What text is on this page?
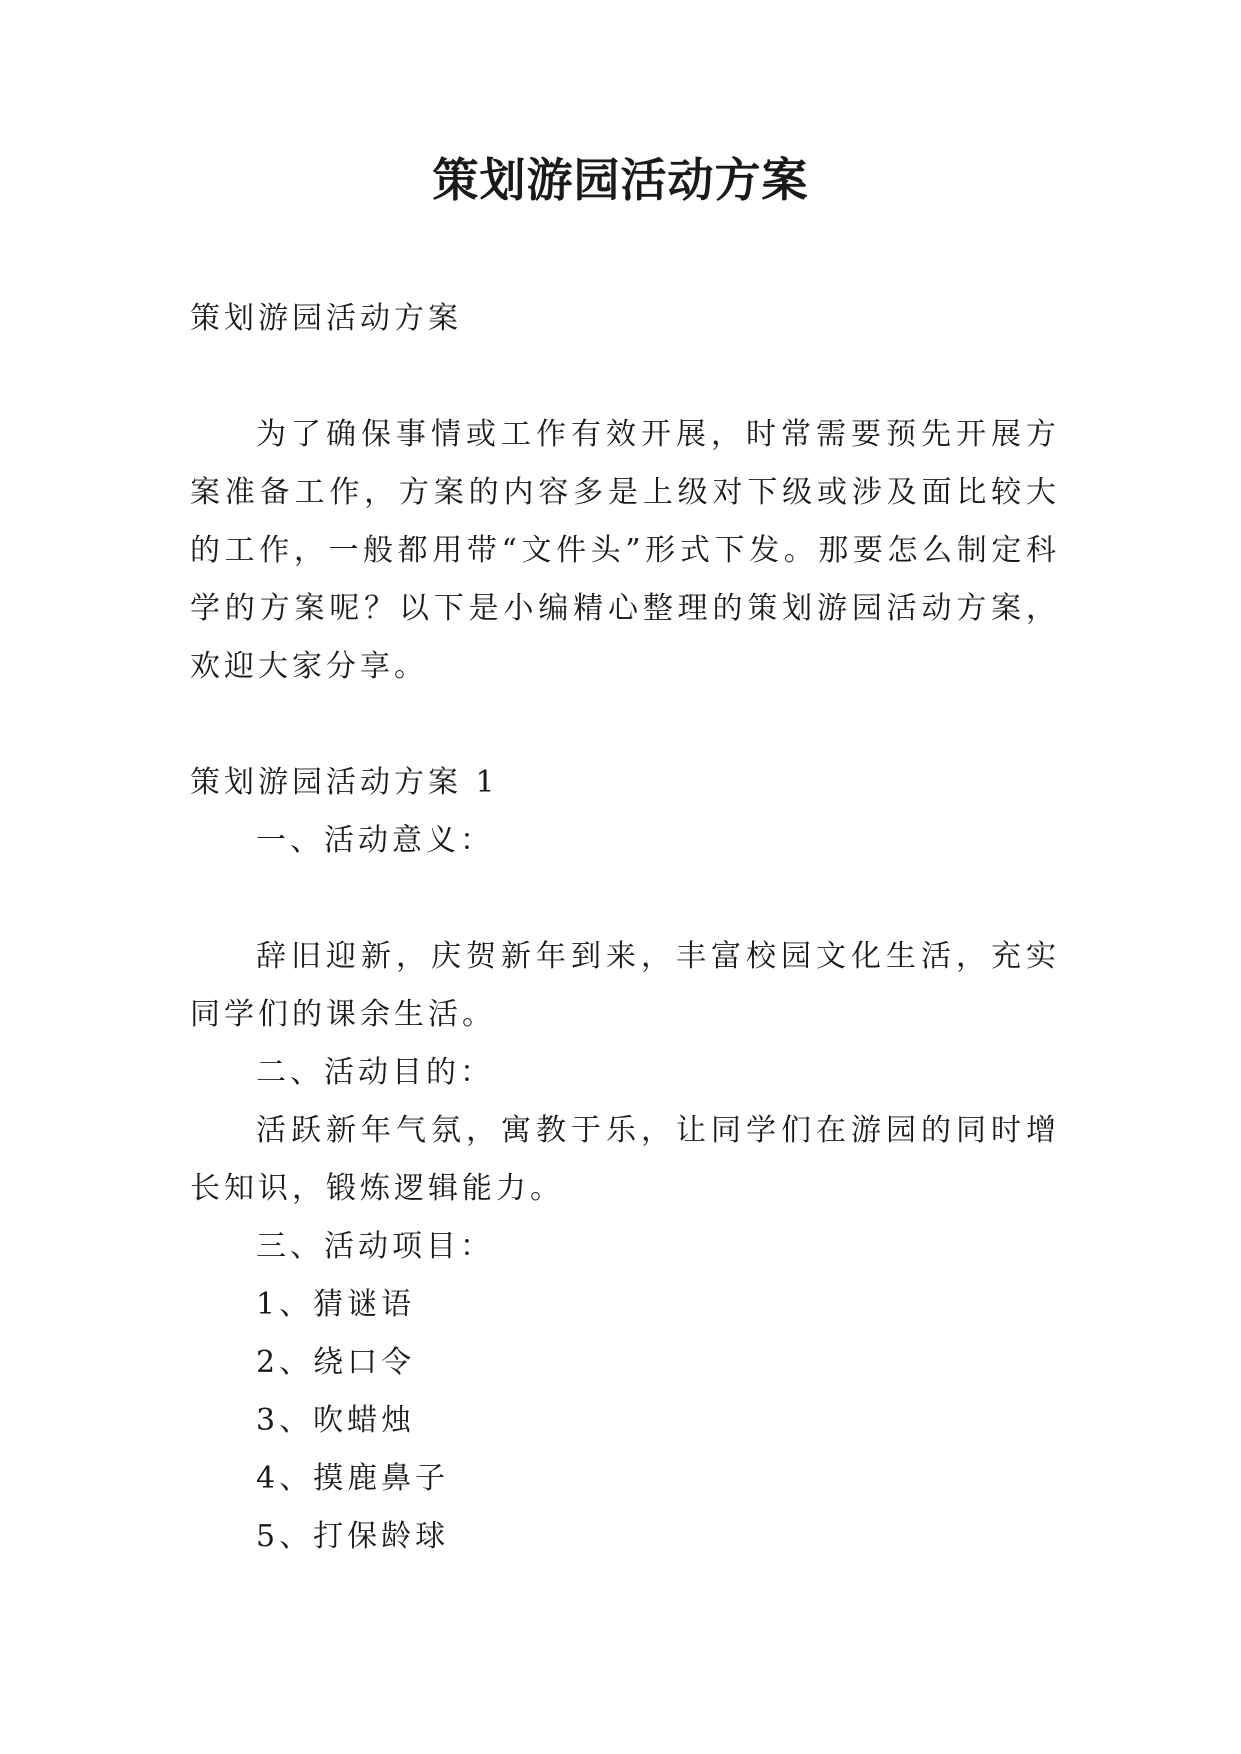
策划游园活动方案

策划游园活动方案

为了确保事情或工作有效开展，时常需要预先开展方案准备工作，方案的内容多是上级对下级或涉及面比较大的工作，一般都用带“文件头”形式下发。那要怎么制定科学的方案呢？以下是小编精心整理的策划游园活动方案，欢迎大家分享。

策划游园活动方案 1

一、活动意义：

辞旧迎新，庆贺新年到来，丰富校园文化生活，充实同学们的课余生活。

二、活动目的：

活跃新年气氛，寓教于乐，让同学们在游园的同时增长知识，锻炼逻辑能力。

三、活动项目：

1、猜谜语

2、绕口令

3、吹蜡烛

4、摸鹿鼻子

5、打保龄球
